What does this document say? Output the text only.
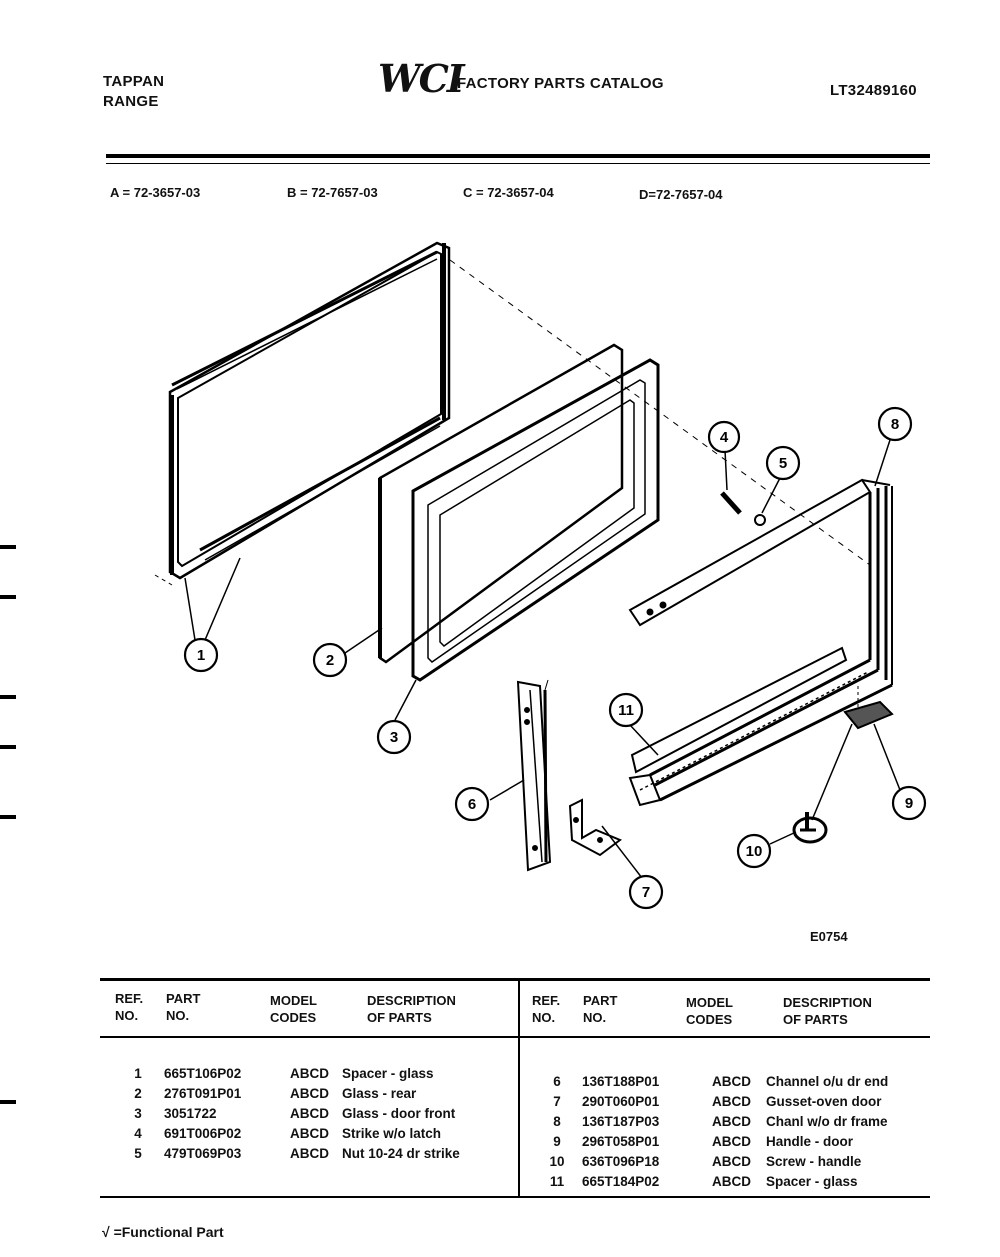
TAPPAN
RANGE
WCI
FACTORY PARTS CATALOG	LT32489160
A = 72-3657-03	B = 72-7657-03	C = 72-3657-04	D=72-7657-04
1	2
3
4
5
6
7
8
9
10
11
E0754
REF.
NO.
PART
NO.
MODEL
CODES
DESCRIPTION
OF PARTS
REF.
NO.
PART
NO.
MODEL
CODES
DESCRIPTION
OF PARTS
1	665T106P02	ABCD	Spacer - glass
2	276T091P01	ABCD	Glass - rear
3	3051722	ABCD	Glass - door front
4	691T006P02	ABCD	Strike w/o latch
5	479T069P03	ABCD	Nut 10-24 dr strike
6	136T188P01	ABCD	Channel o/u dr end
7	290T060P01	ABCD	Gusset-oven door
8	136T187P03	ABCD	Chanl w/o dr frame
9	296T058P01	ABCD	Handle - door
10	636T096P18	ABCD	Screw - handle
11	665T184P02	ABCD	Spacer - glass
√ =Functional Part
